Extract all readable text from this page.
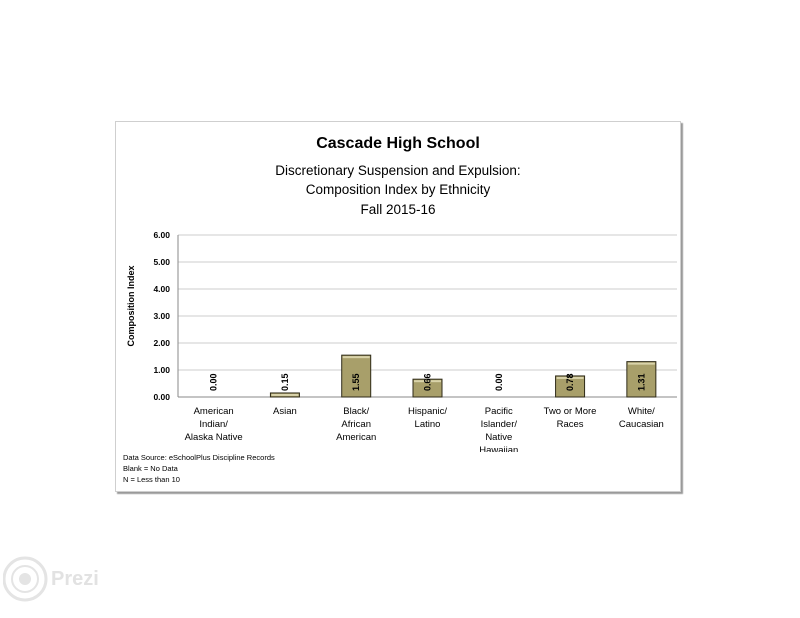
Cascade High School
Discretionary Suspension and Expulsion:
Composition Index by Ethnicity
Fall 2015-16
Composition Index
0.00
1.00
2.00
3.00
4.00
5.00
6.00
0.00
American
Indian/
Alaska Native
0.15
Asian
1.55
Black/
African
American
0.66
Hispanic/
Latino
0.00
Pacific
Islander/
Native
Hawaiian
0.78
Two or More
Races
1.31
White/
Caucasian
Data Source: eSchoolPlus Discipline Records
Blank = No Data
N = Less than 10
Prezi
